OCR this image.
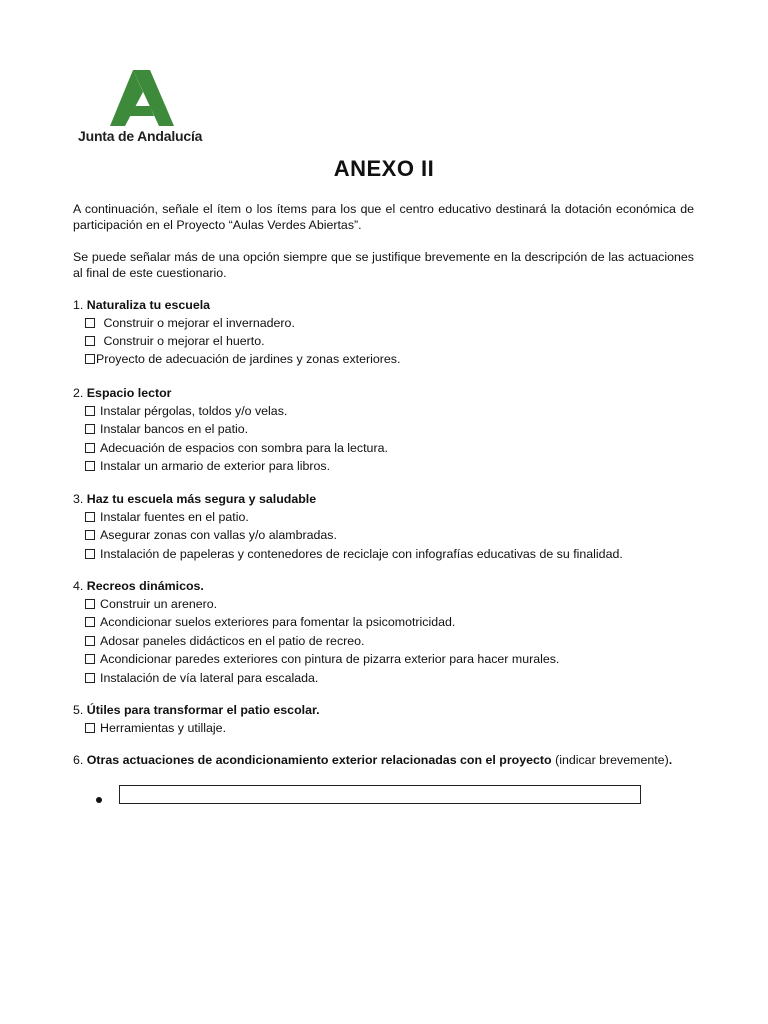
Junta de Andalucía
ANEXO II
A continuación, señale el ítem o los ítems para los que el centro educativo destinará la dotación económica de participación en el Proyecto “Aulas Verdes Abiertas”.
Se puede señalar más de una opción siempre que se justifique brevemente en la descripción de las actuaciones al final de este cuestionario.
1. Naturaliza tu escuela
Construir o mejorar el invernadero.
Construir o mejorar el huerto.
Proyecto de adecuación de jardines y zonas exteriores.
2. Espacio lector
Instalar pérgolas, toldos y/o velas.
Instalar bancos en el patio.
Adecuación de espacios con sombra para la lectura.
Instalar un armario de exterior para libros.
3. Haz tu escuela más segura y saludable
Instalar fuentes en el patio.
Asegurar zonas con vallas y/o alambradas.
Instalación de papeleras y contenedores de reciclaje con infografías educativas de su finalidad.
4. Recreos dinámicos.
Construir un arenero.
Acondicionar suelos exteriores para fomentar la psicomotricidad.
Adosar paneles didácticos en el patio de recreo.
Acondicionar paredes exteriores con pintura de pizarra exterior para hacer murales.
Instalación de vía lateral para escalada.
5. Útiles para transformar el patio escolar.
Herramientas y utillaje.
6. Otras actuaciones de acondicionamiento exterior relacionadas con el proyecto (indicar brevemente).
